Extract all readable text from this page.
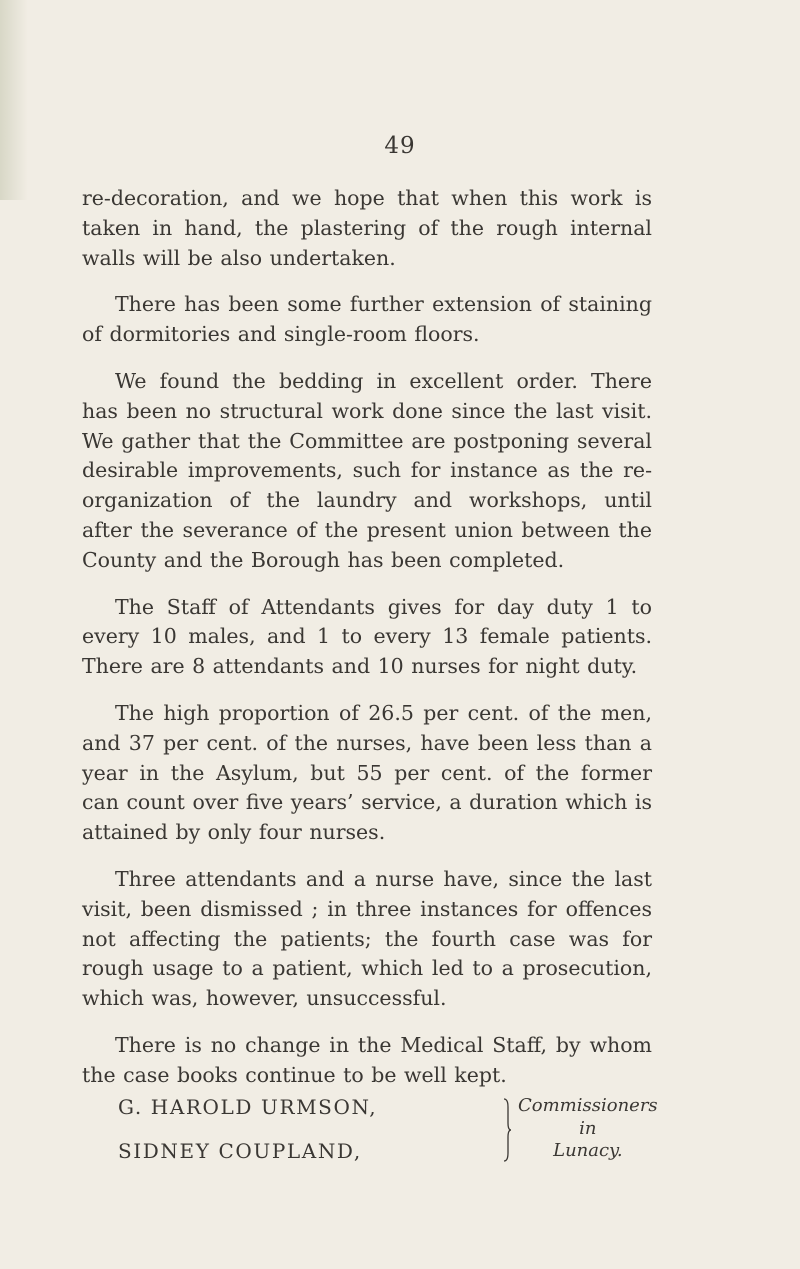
49

re-decoration, and we hope that when this work is taken in hand, the plastering of the rough internal walls will be also undertaken.

There has been some further extension of staining of dormitories and single-room floors.

We found the bedding in excellent order. There has been no structural work done since the last visit. We gather that the Committee are postponing several desirable improvements, such for instance as the re-organization of the laundry and workshops, until after the severance of the present union between the County and the Borough has been completed.

The Staff of Attendants gives for day duty 1 to every 10 males, and 1 to every 13 female patients. There are 8 attendants and 10 nurses for night duty.

The high proportion of 26.5 per cent. of the men, and 37 per cent. of the nurses, have been less than a year in the Asylum, but 55 per cent. of the former can count over five years’ service, a duration which is attained by only four nurses.

Three attendants and a nurse have, since the last visit, been dismissed ; in three instances for offences not affecting the patients; the fourth case was for rough usage to a patient, which led to a prosecution, which was, however, unsuccessful.

There is no change in the Medical Staff, by whom the case books continue to be well kept.

G. HAROLD URMSON,
SIDNEY COUPLAND,
Commissioners
in
Lunacy.
